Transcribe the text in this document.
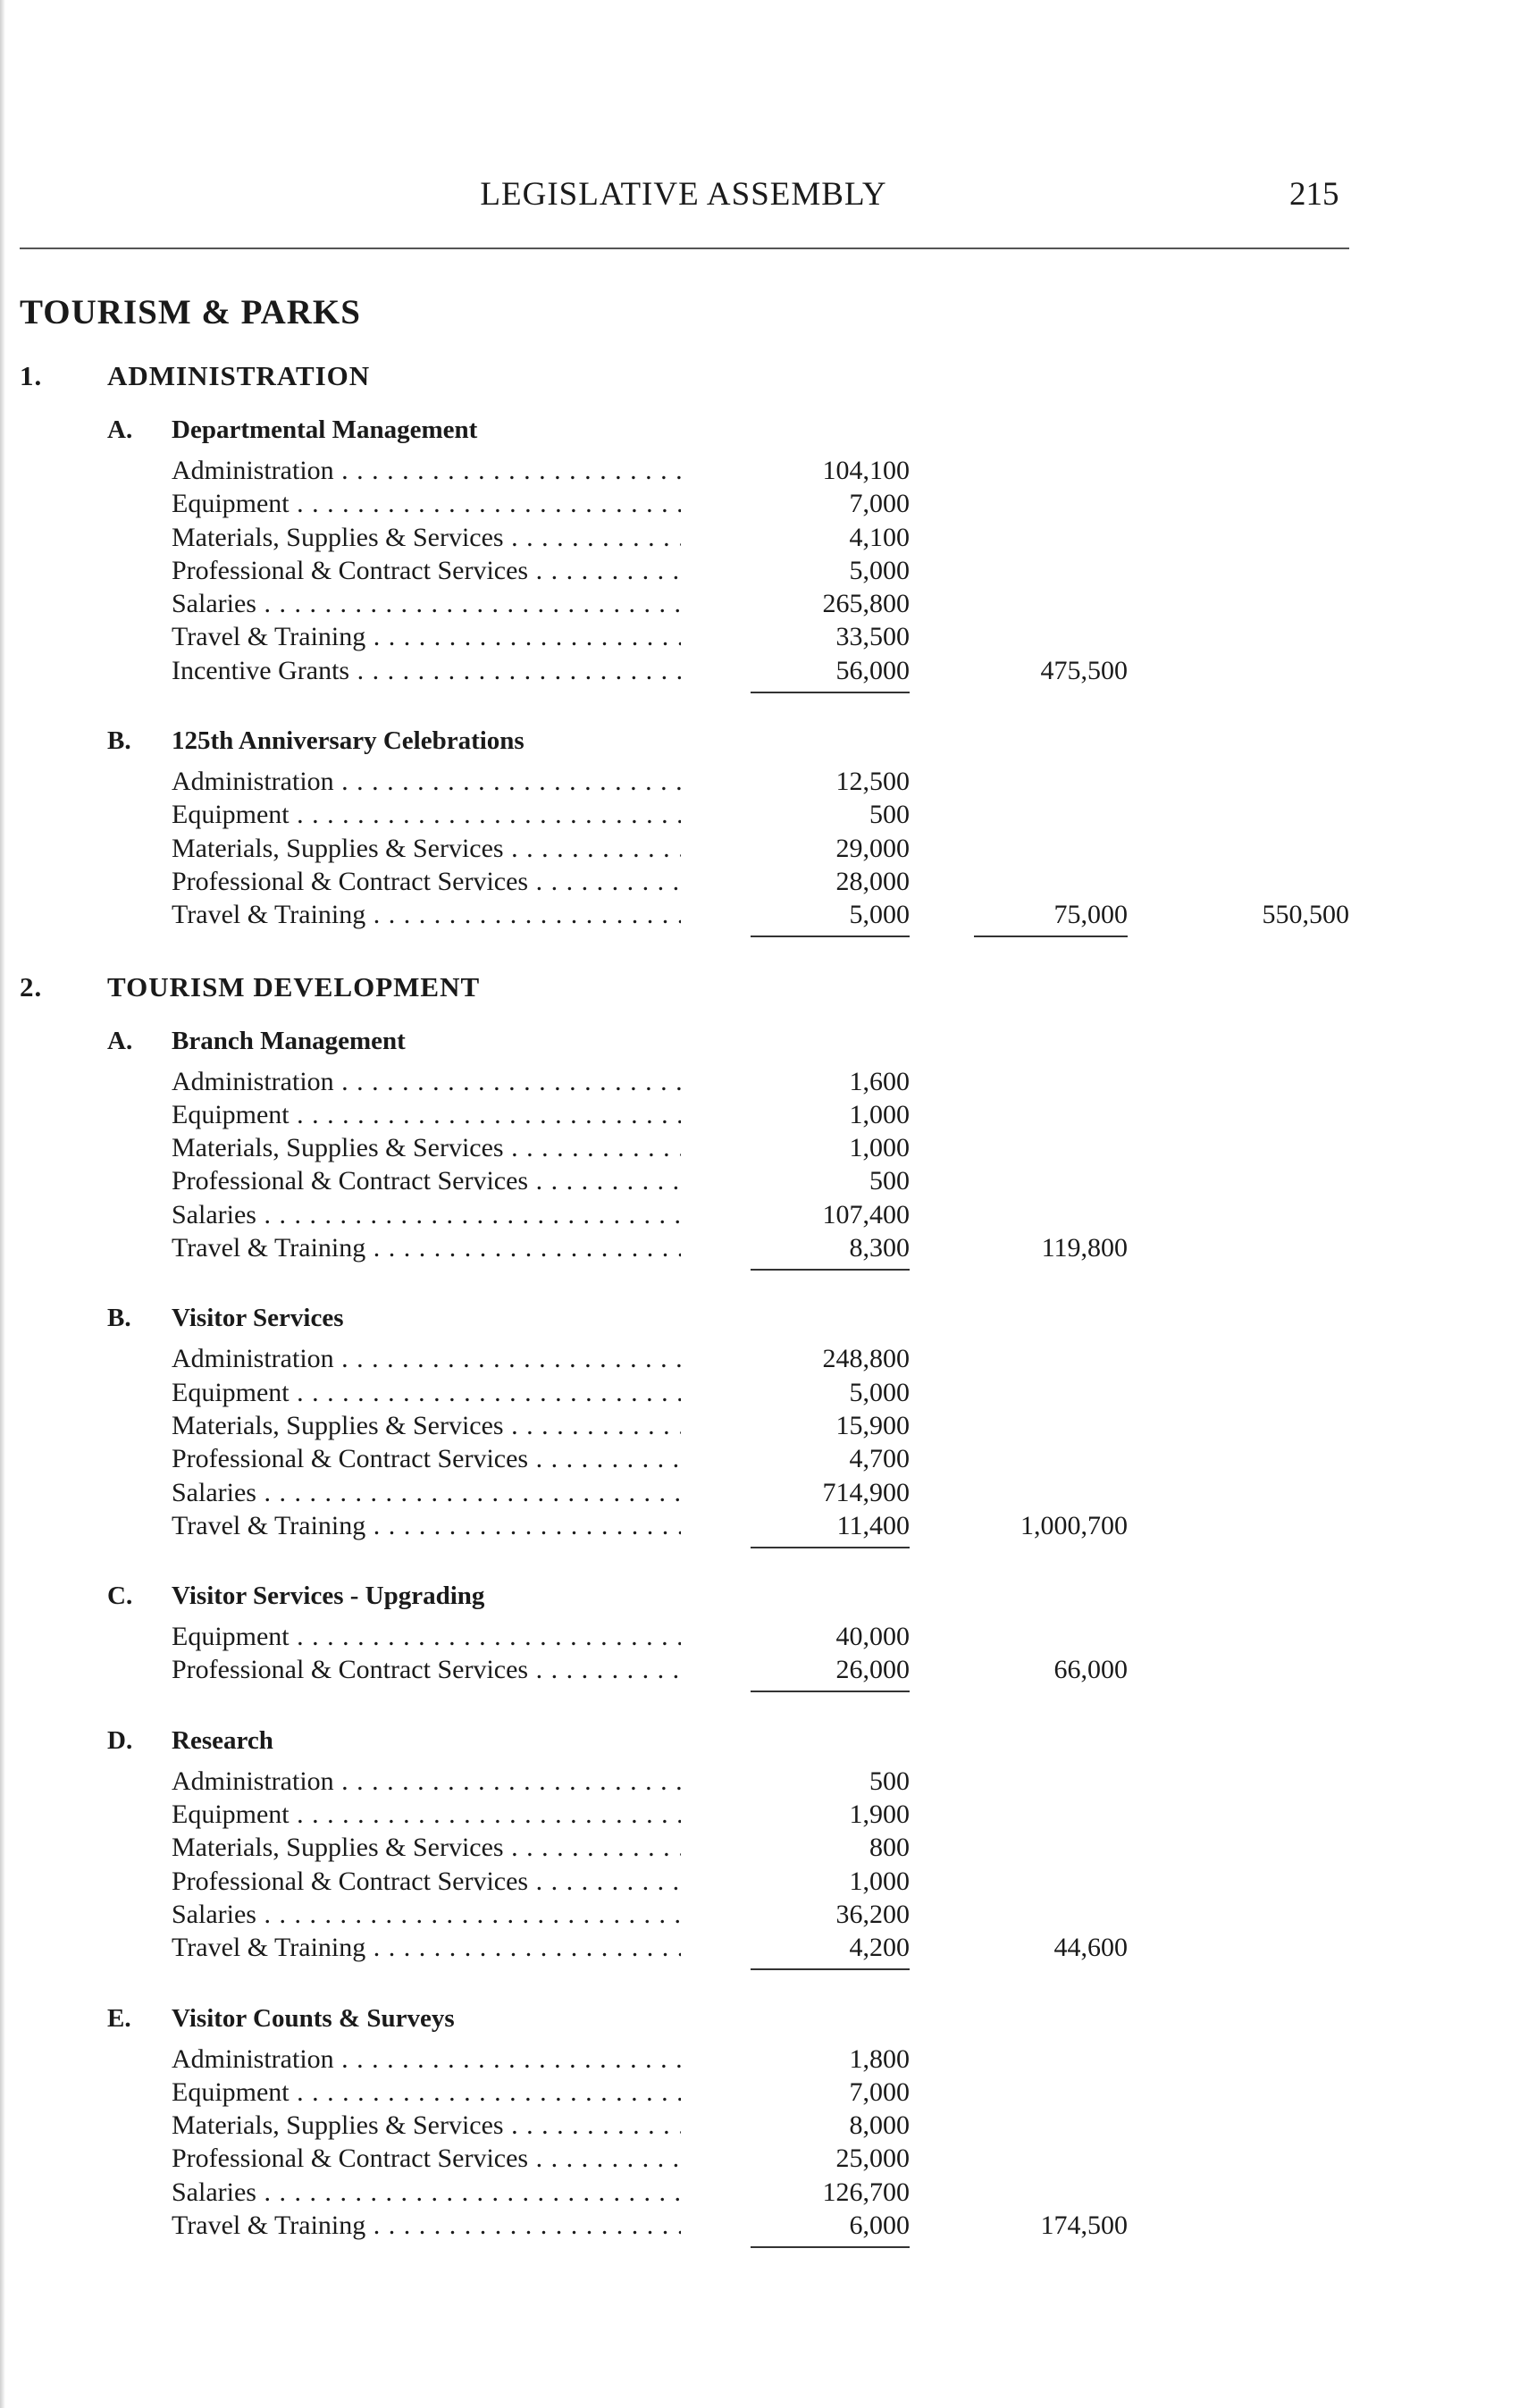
LEGISLATIVE ASSEMBLY	215
TOURISM & PARKS
1. ADMINISTRATION
A. Departmental Management
Administration . . .	104,100
Equipment . . .	7,000
Materials, Supplies & Services . . .	4,100
Professional & Contract Services . . .	5,000
Salaries . . .	265,800
Travel & Training . . .	33,500
Incentive Grants . . .	56,000	475,500
B. 125th Anniversary Celebrations
Administration . . .	12,500
Equipment . . .	500
Materials, Supplies & Services . . .	29,000
Professional & Contract Services . . .	28,000
Travel & Training . . .	5,000	75,000	550,500
2. TOURISM DEVELOPMENT
A. Branch Management
Administration . . .	1,600
Equipment . . .	1,000
Materials, Supplies & Services . . .	1,000
Professional & Contract Services . . .	500
Salaries . . .	107,400
Travel & Training . . .	8,300	119,800
B. Visitor Services
Administration . . .	248,800
Equipment . . .	5,000
Materials, Supplies & Services . . .	15,900
Professional & Contract Services . . .	4,700
Salaries . . .	714,900
Travel & Training . . .	11,400	1,000,700
C. Visitor Services - Upgrading
Equipment . . .	40,000
Professional & Contract Services . . .	26,000	66,000
D. Research
Administration . . .	500
Equipment . . .	1,900
Materials, Supplies & Services . . .	800
Professional & Contract Services . . .	1,000
Salaries . . .	36,200
Travel & Training . . .	4,200	44,600
E. Visitor Counts & Surveys
Administration . . .	1,800
Equipment . . .	7,000
Materials, Supplies & Services . . .	8,000
Professional & Contract Services . . .	25,000
Salaries . . .	126,700
Travel & Training . . .	6,000	174,500
